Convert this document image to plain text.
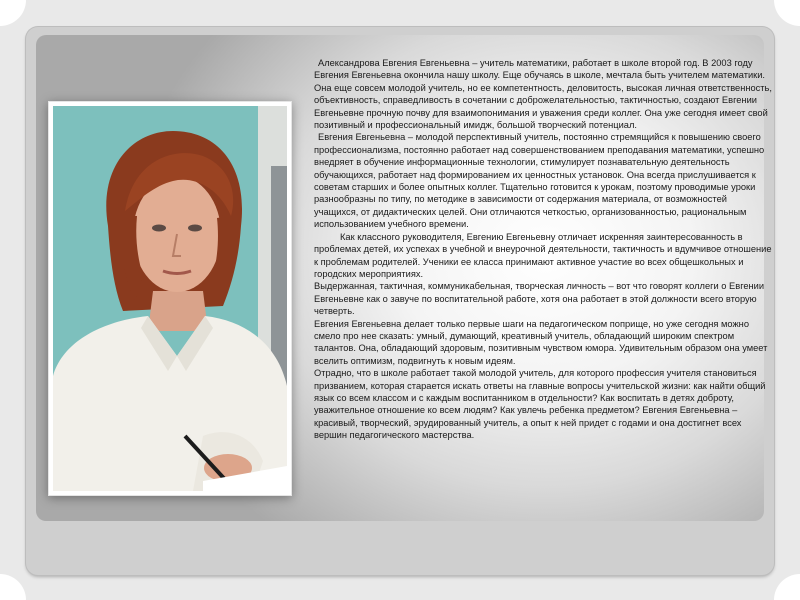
Александрова Евгения Евгеньевна – учитель математики, работает в школе второй год. В 2003 году Евгения Евгеньевна окончила нашу школу. Еще обучаясь в школе, мечтала быть учителем математики. Она еще совсем молодой учитель, но ее компетентность, деловитость, высокая личная ответственность, объективность, справедливость в сочетании с доброжелательностью, тактичностью, создают Евгении Евгеньевне прочную почву для взаимопонимания и уважения среди коллег. Она уже сегодня имеет свой позитивный и профессиональный имидж, большой творческий потенциал.

Евгения Евгеньевна – молодой перспективный учитель, постоянно стремящийся к повышению своего профессионализма, постоянно работает над совершенствованием преподавания математики, успешно внедряет в обучение информационные технологии, стимулирует познавательную деятельность обучающихся, работает над формированием их ценностных установок. Она всегда прислушивается к советам старших и более опытных коллег. Тщательно готовится к урокам, поэтому проводимые уроки разнообразны по типу, по методике в зависимости от содержания материала, от возможностей учащихся, от дидактических целей. Они отличаются четкостью, организованностью, рациональным использованием учебного времени.

Как классного руководителя, Евгению Евгеньевну отличает искренняя заинтересованность в проблемах детей, их успехах в учебной и внеурочной деятельности, тактичность и вдумчивое отношение к проблемам родителей. Ученики ее класса принимают активное участие во всех общешкольных и городских мероприятиях.

Выдержанная, тактичная, коммуникабельная, творческая личность – вот что говорят коллеги о Евгении Евгеньевне как о завуче по воспитательной работе, хотя она работает в этой должности всего вторую четверть.

Евгения Евгеньевна делает только первые шаги на педагогическом поприще, но уже сегодня можно смело про нее сказать: умный, думающий, креативный учитель, обладающий широким спектром талантов. Она, обладающий здоровым, позитивным чувством юмора. Удивительным образом она умеет вселить оптимизм, подвигнуть к новым идеям.

Отрадно, что в школе работает такой молодой учитель, для которого профессия учителя становиться призванием, которая старается искать ответы на главные вопросы учительской жизни: как найти общий язык со всем классом и с каждым воспитанником в отдельности? Как воспитать в детях доброту, уважительное отношение ко всем людям? Как увлечь ребенка предметом? Евгения Евгеньевна – красивый, творческий, эрудированный учитель, а опыт к ней придет с годами и она достигнет всех вершин педагогического мастерства.
